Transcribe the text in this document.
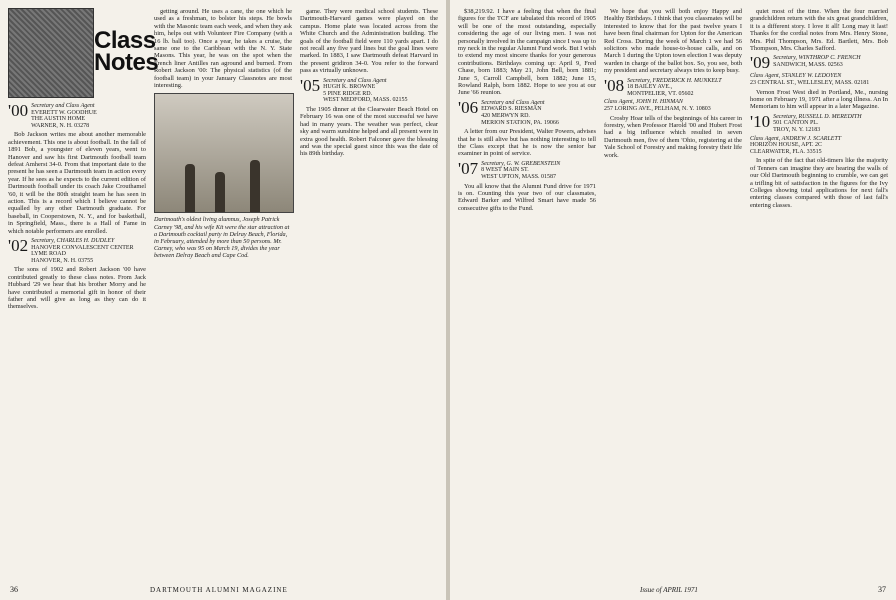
Class Notes
'00 Secretary and Class Agent
EVERETT W. GOODHUE
THE AUSTIN HOME
WARNER, N. H. 03278

Bob Jackson writes me about another memorable achievement. This one is about football. In the fall of 1891 Bob, a youngster of eleven years, went to Hanover and saw his first Dartmouth football team defeat Amherst 34-0. From that important date to the present he has seen a Dartmouth team in action every year. If he sees as he expects to the current edition of Dartmouth football under its coach Jake Crouthamel '60, it will be the 80th straight team he has seen in action. This is a record which I believe cannot be equalled by any other Dartmouth graduate. For baseball, in Cooperstown, N. Y., and for basketball, in Springfield, Mass., there is a Hall of Fame in which notable performers are enrolled.

'02 Secretary, CHARLES H. DUDLEY
HANOVER CONVALESCENT CENTER
LYME ROAD
HANOVER, N. H. 03755

The sons of 1902 and Robert Jackson '00 have contributed greatly to these class notes. From Jack Hubbard '29 we hear that his brother Morry and he have contributed a memorial gift in honor of their father and will give as long as they can do it themselves.

getting around. He uses a cane, the one which he used as a freshman, to bolster his steps. He bowls with the Masonic team each week, and when they ask him, helps out with Volunteer Fire Company (with a 16 lb. ball too). Once a year, he takes a cruise, the same one to the Caribbean with the N. Y. State Masons. This year, he was on the spot when the French liner Antilles ran aground and burned. From Robert Jackson '00: The physical statistics (of the football team) in your January Classnotes are most interesting.

Dartmouth's oldest living alumnus, Joseph Patrick Carney '98, and his wife Kit were the star attraction at a Dartmouth cocktail party in Delray Beach, Florida, in February, attended by more than 50 persons. Mr. Carney, who was 95 on March 19, divides the year between Delray Beach and Cape Cod.

game. They were medical school students. These Dartmouth-Harvard games were played on the campus. Home plate was located across from the White Church and the Administration building. The goals of the football field were 110 yards apart. I do not recall any five yard lines but the goal lines were marked. In 1883, I saw Dartmouth defeat Harvard in the present gridiron 34-0. You refer to the forward pass as virtually unknown.

'05 Secretary and Class Agent
HUGH K. BROWNE
5 PINE RIDGE RD.
WEST MEDFORD, MASS. 02155

The 1905 dinner at the Clearwater Beach Hotel on February 16 was one of the most successful we have had in many years. The weather was perfect, clear sky and warm sunshine helped and all present were in extra good health. Robert Falconer gave the blessing and was the special guest since this was the date of his 89th birthday.

36	DARTMOUTH ALUMNI MAGAZINE

$38,219.92. I have a feeling that when the final figures for the TCF are tabulated this record of 1905 will be one of the most outstanding, especially considering the age of our living men. I was not personally involved in the campaign since I was up to my neck in the regular Alumni Fund work. But I wish to extend my most sincere thanks for your generous contributions. Birthdays coming up: April 9, Fred Chase, born 1883; May 21, John Bell, born 1881; June 5, Carroll Campbell, born 1882; June 15, Rowland Ralph, born 1882. Hope to see you at our June '66 reunion.

'06 Secretary and Class Agent
EDWARD S. RIESMAN
420 MERWYN RD.
MERION STATION, PA. 19066

A letter from our President, Walter Powers, advises that he is still alive but has nothing interesting to tell the Class except that he is now the senior bar examiner in point of service.

'07 Secretary, G. W. GREBENSTEIN
8 WEST MAIN ST.
WEST UPTON, MASS. 01587

You all know that the Alumni Fund drive for 1971 is on. Counting this year two of our classmates, Edward Barker and Wilfred Smart have made 56 consecutive gifts to the Fund.

We hope that you will both enjoy Happy and Healthy Birthdays. I think that you classmates will be interested to know that for the past twelve years I have been final chairman for Upton for the American Red Cross. During the week of March 1 we had 56 solicitors who made house-to-house calls, and on March 1 during the Upton town election I was deputy warden in charge of the ballot box. So, you see, both my president and secretary always tries to keep busy.

'08 Secretary, FREDERICK H. MUNKELT
18 BAILEY AVE.,
MONTPELIER, VT. 05602
Class Agent, JOHN H. HINMAN
257 LORING AVE., PELHAM, N. Y. 10803

Crosby Hoar tells of the beginnings of his career in forestry, when Professor Harold '00 and Hubert Frost had a big influence which resulted in seven Dartmouth men, five of them 'Ohio, registering at the Yale School of Forestry and making forestry their life work.

quiet most of the time. When the four married grandchildren return with the six great grandchildren, it is a different story. I love it all! Long may it last! Thanks for the cordial notes from Mrs. Henry Stone, Mrs. Phil Thompson, Mrs. Ed. Bartlett, Mrs. Bob Thompson, Mrs. Charles Safford.

'09 Secretary, WINTHROP C. FRENCH
SANDWICH, MASS. 02563
Class Agent, STANLEY W. LEDOYEN
23 CENTRAL ST., WELLESLEY, MASS. 02181

Vernon Frost West died in Portland, Me., nursing home on February 19, 1971 after a long illness. An In Memoriam to him will appear in a later Magazine.

'10 Secretary, RUSSELL D. MEREDITH
501 CANTON PL.
TROY, N. Y. 12183
Class Agent, ANDREW J. SCARLETT
HORIZON HOUSE, APT. 2C
CLEARWATER, FLA. 33515

In spite of the fact that old-timers like the majority of Tenners can imagine they are hearing the walls of our Old Dartmouth beginning to crumble, we can get a trifling bit of satisfaction in the figures for the Ivy Colleges showing total applications for next fall's entering classes compared with those of last fall's entering classes.

Issue of APRIL 1971	37
